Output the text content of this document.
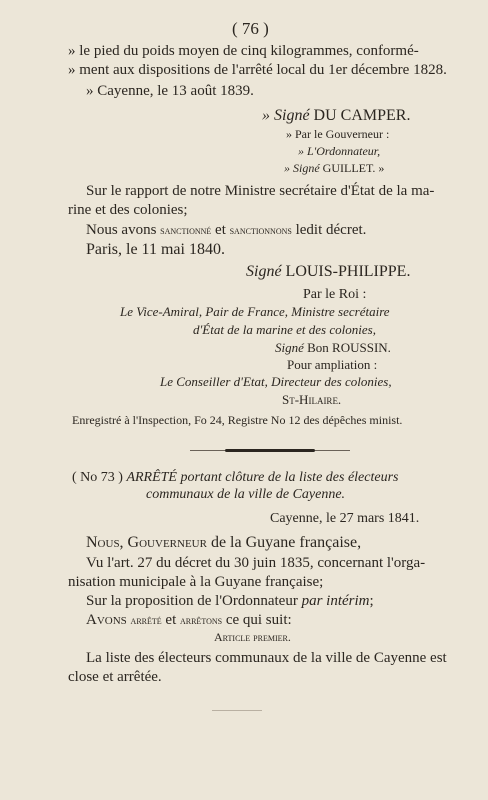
( 76 )
» le pied du poids moyen de cinq kilogrammes, conformé-
» ment aux dispositions de l'arrêté local du 1er décembre 1828.
» Cayenne, le 13 août 1839.
» Signé DU CAMPER.
» Par le Gouverneur :
» L'Ordonnateur,
» Signé GUILLET. »
Sur le rapport de notre Ministre secrétaire d'État de la ma-
rine et des colonies;
Nous avons sanctionné et sanctionnons ledit décret.
Paris, le 11 mai 1840.
Signé LOUIS-PHILIPPE.
Par le Roi :
Le Vice-Amiral, Pair de France, Ministre secrétaire
d'État de la marine et des colonies,
Signé Bon ROUSSIN.
Pour ampliation :
Le Conseiller d'Etat, Directeur des colonies,
St-Hilaire.
Enregistré à l'Inspection, Fo 24, Registre No 12 des dépêches minist.
( No 73 ) ARRÊTÉ portant clôture de la liste des électeurs
communaux de la ville de Cayenne.
Cayenne, le 27 mars 1841.
Nous, Gouverneur de la Guyane française,
Vu l'art. 27 du décret du 30 juin 1835, concernant l'orga-
nisation municipale à la Guyane française;
Sur la proposition de l'Ordonnateur par intérim;
Avons arrêté et arrêtons ce qui suit:
Article premier.
La liste des électeurs communaux de la ville de Cayenne est
close et arrêtée.
